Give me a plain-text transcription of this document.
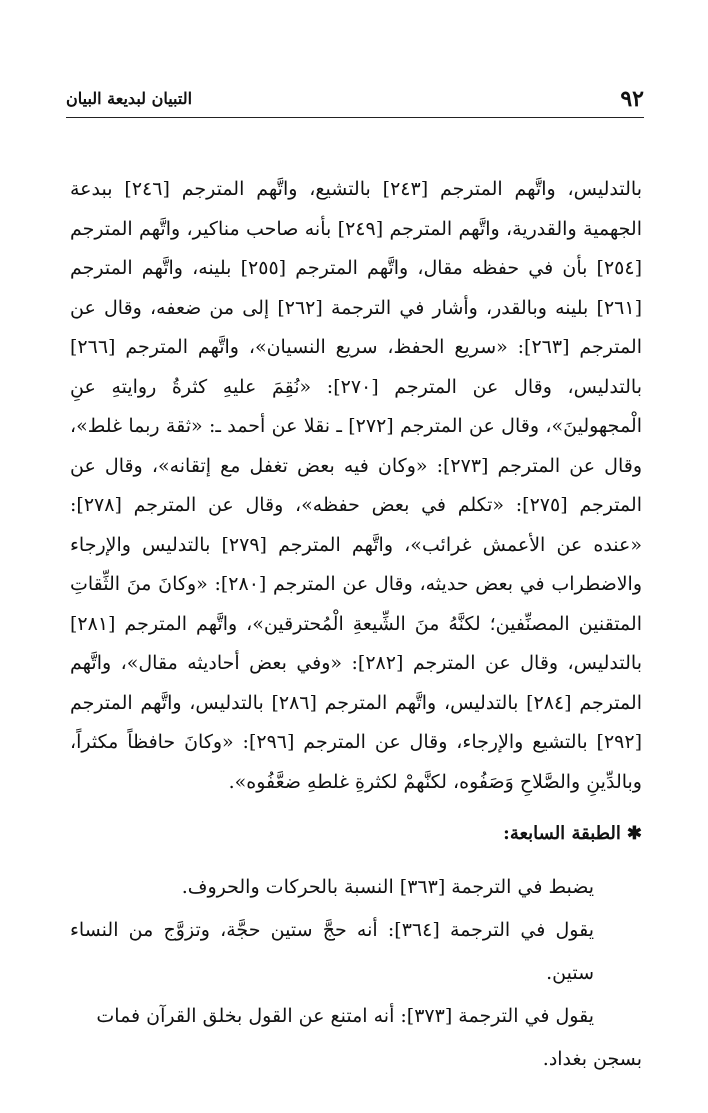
٩٢
التبيان لبديعة البيان

بالتدليس، واتَّهم المترجم [٢٤٣] بالتشيع، واتَّهم المترجم [٢٤٦] ببدعة الجهمية والقدرية، واتَّهم المترجم [٢٤٩] بأنه صاحب مناكير، واتَّهم المترجم [٢٥٤] بأن في حفظه مقال، واتَّهم المترجم [٢٥٥] بلينه، واتَّهم المترجم [٢٦١] بلينه وبالقدر، وأشار في الترجمة [٢٦٢] إلى من ضعفه، وقال عن المترجم [٢٦٣]: «سريع الحفظ، سريع النسيان»، واتَّهم المترجم [٢٦٦] بالتدليس، وقال عن المترجم [٢٧٠]: «نُقِمَ عليهِ كثرةُ روايتهِ عنِ الْمجهولينَ»، وقال عن المترجم [٢٧٢] ـ نقلا عن أحمد ـ: «ثقة ربما غلط»، وقال عن المترجم [٢٧٣]: «وكان فيه بعض تغفل مع إتقانه»، وقال عن المترجم [٢٧٥]: «تكلم في بعض حفظه»، وقال عن المترجم [٢٧٨]: «عنده عن الأعمش غرائب»، واتَّهم المترجم [٢٧٩] بالتدليس والإرجاء والاضطراب في بعض حديثه، وقال عن المترجم [٢٨٠]: «وكانَ منَ الثِّقاتِ المتقنين المصنِّفين؛ لكنَّهُ منَ الشِّيعةِ الْمُحترقين»، واتَّهم المترجم [٢٨١] بالتدليس، وقال عن المترجم [٢٨٢]: «وفي بعض أحاديثه مقال»، واتَّهم المترجم [٢٨٤] بالتدليس، واتَّهم المترجم [٢٨٦] بالتدليس، واتَّهم المترجم [٢٩٢] بالتشيع والإرجاء، وقال عن المترجم [٢٩٦]: «وكانَ حافظاً مكثراً، وبالدِّينِ والصَّلاحِ وَصَفُوه، لكنَّهمْ لكثرةِ غلطهِ ضعَّفُوه».

✱الطبقة السابعة:

يضبط في الترجمة [٣٦٣] النسبة بالحركات والحروف.

يقول في الترجمة [٣٦٤]: أنه حجَّ ستين حجَّة، وتزوَّج من النساء ستين.

يقول في الترجمة [٣٧٣]: أنه امتنع عن القول بخلق القرآن فمات

بسجن بغداد.
